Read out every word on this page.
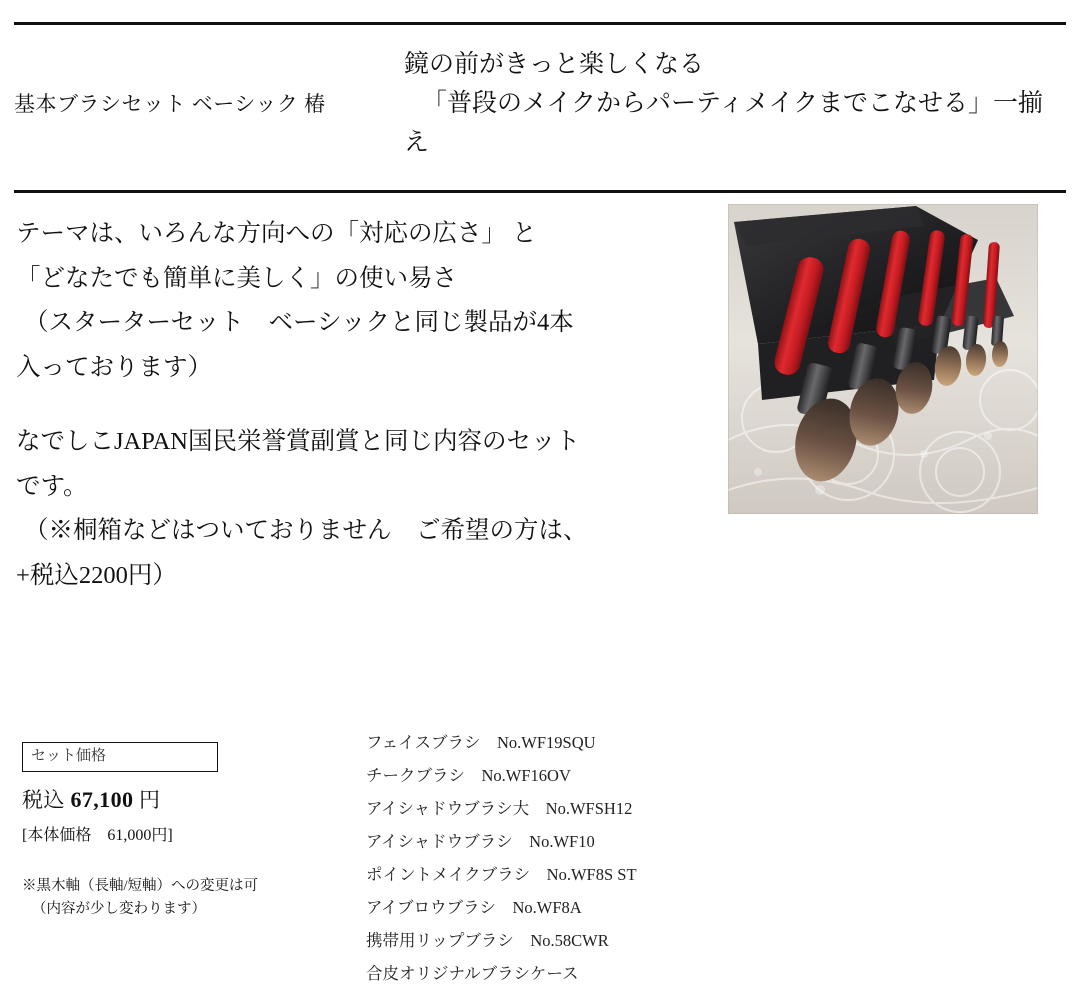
基本ブラシセット ベーシック 椿
鏡の前がきっと楽しくなる
「普段のメイクからパーティメイクまでこなせる」一揃え

テーマは、いろんな方向への「対応の広さ」 と

「どなたでも簡単に美しく」の使い易さ

（スターターセット　ベーシックと同じ製品が4本

入っております）

なでしこJAPAN国民栄誉賞副賞と同じ内容のセット

です。

（※桐箱などはついておりません　ご希望の方は、

+税込2200円）

セット価格
税込 67,100 円
[本体価格　61,000円]
※黒木軸（長軸/短軸）への変更は可
（内容が少し変わります）
フェイスブラシ　No.WF19SQU
チークブラシ　No.WF16OV
アイシャドウブラシ大　No.WFSH12
アイシャドウブラシ　No.WF10
ポイントメイクブラシ　No.WF8S ST
アイブロウブラシ　No.WF8A
携帯用リップブラシ　No.58CWR
合皮オリジナルブラシケース
